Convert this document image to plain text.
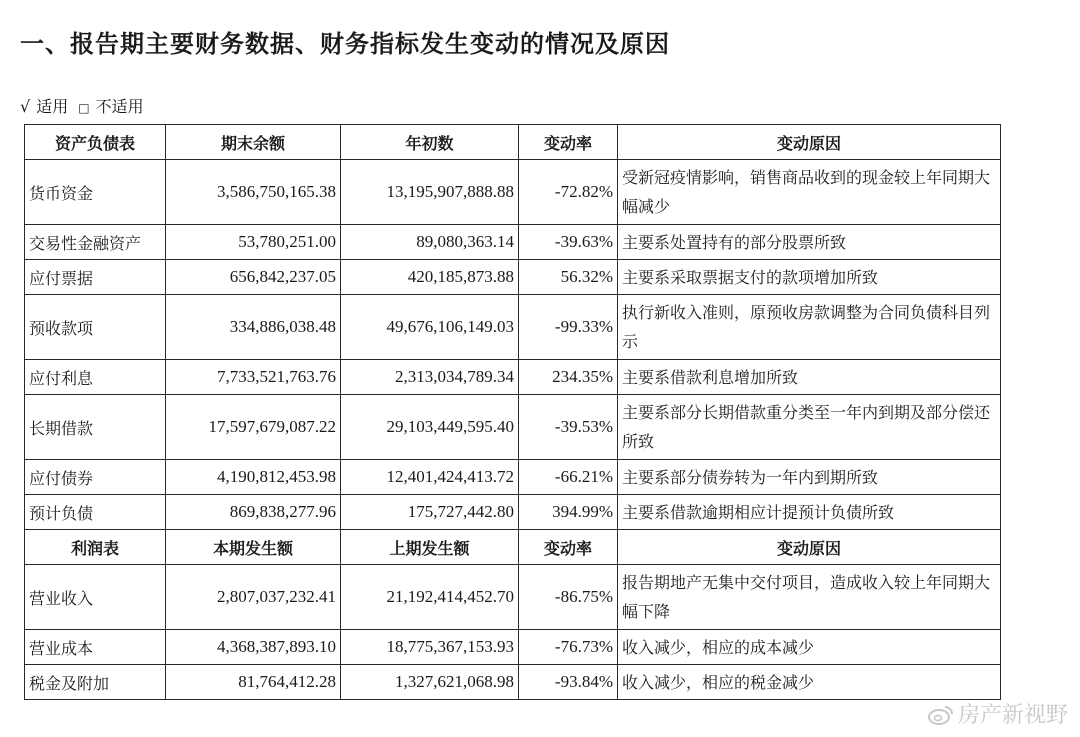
一、报告期主要财务数据、财务指标发生变动的情况及原因
√ 适用 □ 不适用
资产负债表	期末余额	年初数	变动率	变动原因
货币资金	3,586,750,165.38	13,195,907,888.88	-72.82%	受新冠疫情影响，销售商品收到的现金较上年同期大幅减少
交易性金融资产	53,780,251.00	89,080,363.14	-39.63%	主要系处置持有的部分股票所致
应付票据	656,842,237.05	420,185,873.88	56.32%	主要系采取票据支付的款项增加所致
预收款项	334,886,038.48	49,676,106,149.03	-99.33%	执行新收入准则，原预收房款调整为合同负债科目列示
应付利息	7,733,521,763.76	2,313,034,789.34	234.35%	主要系借款利息增加所致
长期借款	17,597,679,087.22	29,103,449,595.40	-39.53%	主要系部分长期借款重分类至一年内到期及部分偿还所致
应付债券	4,190,812,453.98	12,401,424,413.72	-66.21%	主要系部分债券转为一年内到期所致
预计负债	869,838,277.96	175,727,442.80	394.99%	主要系借款逾期相应计提预计负债所致
利润表	本期发生额	上期发生额	变动率	变动原因
营业收入	2,807,037,232.41	21,192,414,452.70	-86.75%	报告期地产无集中交付项目，造成收入较上年同期大幅下降
营业成本	4,368,387,893.10	18,775,367,153.93	-76.73%	收入减少，相应的成本减少
税金及附加	81,764,412.28	1,327,621,068.98	-93.84%	收入减少，相应的税金减少
房产新视野
